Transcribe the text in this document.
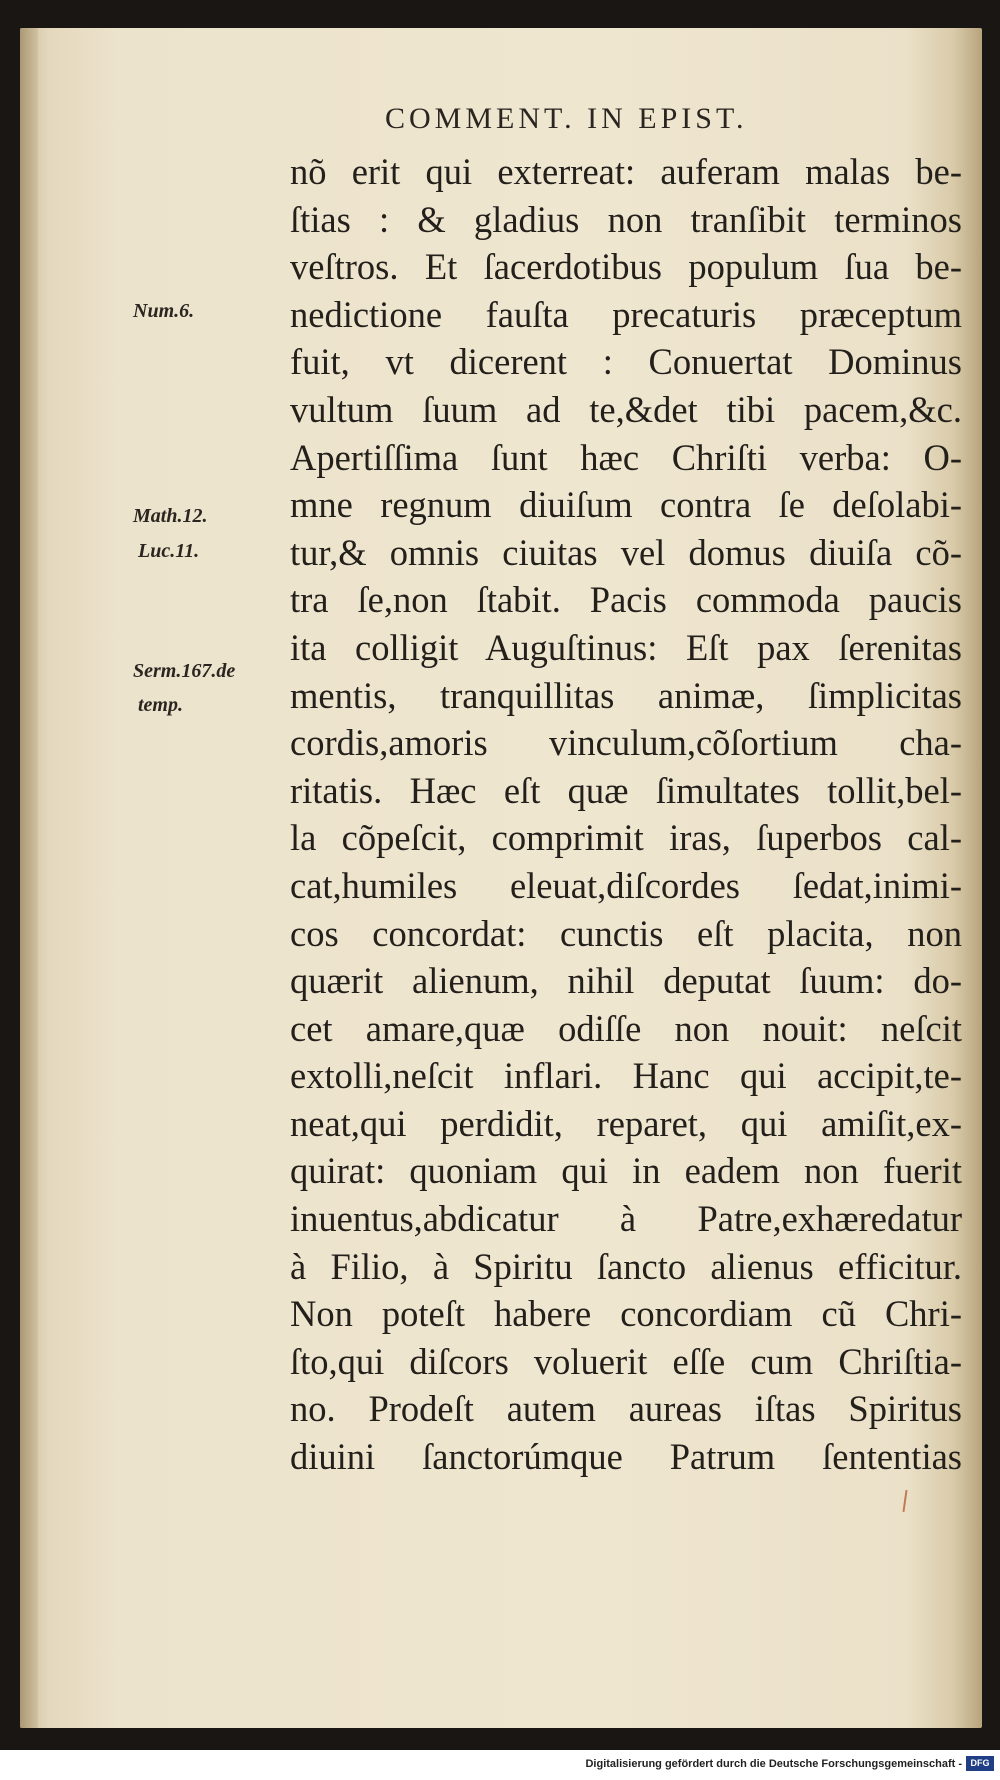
COMMENT. IN EPIST.
Num.6.
Math.12.
Luc.11.
Serm.167.de
temp.
nõ erit qui exterreat: auferam malas be-
ſtias : & gladius non tranſibit terminos
veſtros. Et ſacerdotibus populum ſua be-
nedictione fauſta precaturis præceptum
fuit, vt dicerent : Conuertat Dominus
vultum ſuum ad te,&det tibi pacem,&c.
Apertiſſima ſunt hæc Chriſti verba: O-
mne regnum diuiſum contra ſe deſolabi-
tur,& omnis ciuitas vel domus diuiſa cõ-
tra ſe,non ſtabit. Pacis commoda paucis
ita colligit Auguſtinus: Eſt pax ſerenitas
mentis, tranquillitas animæ, ſimplicitas
cordis,amoris vinculum,cõſortium cha-
ritatis. Hæc eſt quæ ſimultates tollit,bel-
la cõpeſcit, comprimit iras, ſuperbos cal-
cat,humiles eleuat,diſcordes ſedat,inimi-
cos concordat: cunctis eſt placita, non
quærit alienum, nihil deputat ſuum: do-
cet amare,quæ odiſſe non nouit: neſcit
extolli,neſcit inflari. Hanc qui accipit,te-
neat,qui perdidit, reparet, qui amiſit,ex-
quirat: quoniam qui in eadem non fuerit
inuentus,abdicatur à Patre,exhæredatur
à Filio, à Spiritu ſancto alienus efficitur.
Non poteſt habere concordiam cũ Chri-
ſto,qui diſcors voluerit eſſe cum Chriſtia-
no. Prodeſt autem aureas iſtas Spiritus
diuini ſanctorúmque Patrum ſententias
Digitalisierung gefördert durch die Deutsche Forschungsgemeinschaft - DFG
